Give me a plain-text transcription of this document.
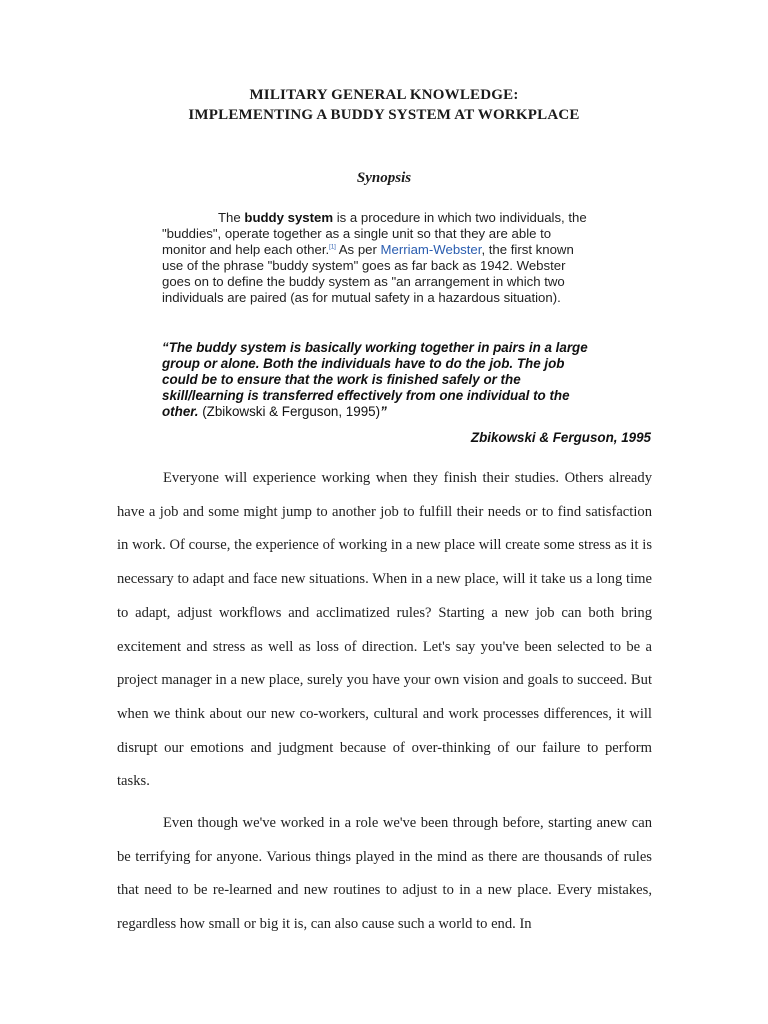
MILITARY GENERAL KNOWLEDGE:

IMPLEMENTING A BUDDY SYSTEM AT WORKPLACE

Synopsis

The buddy system is a procedure in which two individuals, the "buddies", operate together as a single unit so that they are able to monitor and help each other.[1] As per Merriam-Webster, the first known use of the phrase "buddy system" goes as far back as 1942. Webster goes on to define the buddy system as "an arrangement in which two individuals are paired (as for mutual safety in a hazardous situation).

“The buddy system is basically working together in pairs in a large group or alone. Both the individuals have to do the job. The job could be to ensure that the work is finished safely or the skill/learning is transferred effectively from one individual to the other. (Zbikowski & Ferguson, 1995)”

Zbikowski & Ferguson, 1995

Everyone will experience working when they finish their studies. Others already have a job and some might jump to another job to fulfill their needs or to find satisfaction in work. Of course, the experience of working in a new place will create some stress as it is necessary to adapt and face new situations. When in a new place, will it take us a long time to adapt, adjust workflows and acclimatized rules? Starting a new job can both bring excitement and stress as well as loss of direction. Let's say you've been selected to be a project manager in a new place, surely you have your own vision and goals to succeed. But when we think about our new co-workers, cultural and work processes differences, it will disrupt our emotions and judgment because of over-thinking of our failure to perform tasks.

Even though we've worked in a role we've been through before, starting anew can be terrifying for anyone. Various things played in the mind as there are thousands of rules that need to be re-learned and new routines to adjust to in a new place. Every mistakes, regardless how small or big it is, can also cause such a world to end. In
